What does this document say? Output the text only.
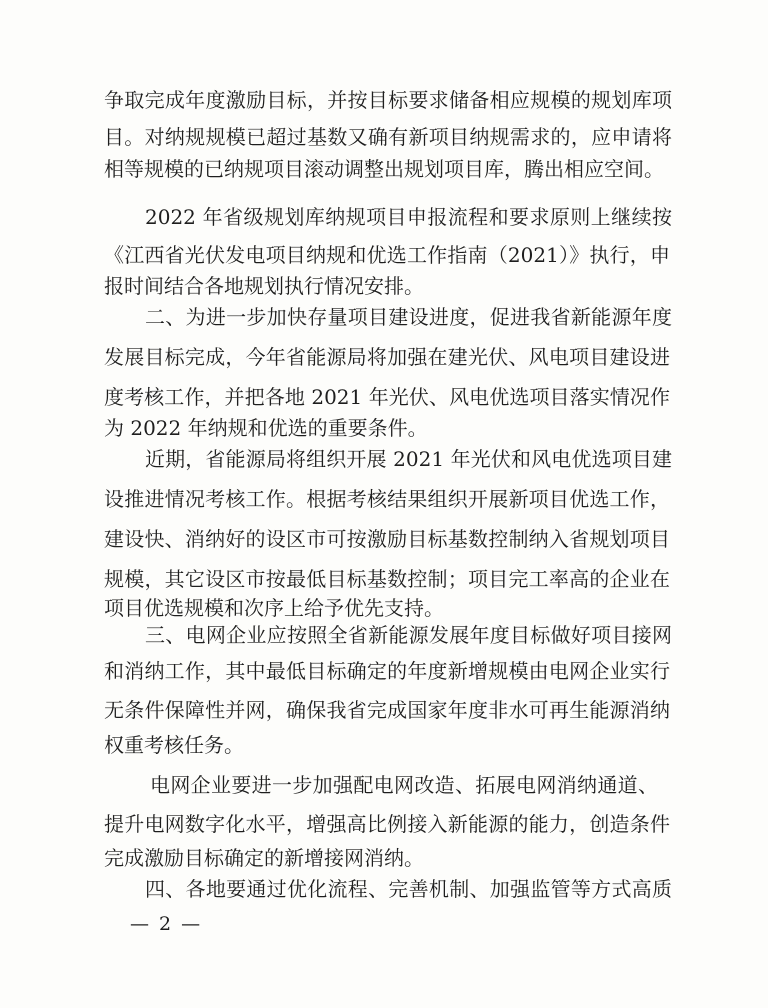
争取完成年度激励目标，并按目标要求储备相应规模的规划库项
目。对纳规规模已超过基数又确有新项目纳规需求的，应申请将
相等规模的已纳规项目滚动调整出规划项目库，腾出相应空间。
2022 年省级规划库纳规项目申报流程和要求原则上继续按
《江西省光伏发电项目纳规和优选工作指南（2021）》执行，申
报时间结合各地规划执行情况安排。
二、为进一步加快存量项目建设进度，促进我省新能源年度
发展目标完成，今年省能源局将加强在建光伏、风电项目建设进
度考核工作，并把各地 2021 年光伏、风电优选项目落实情况作
为 2022 年纳规和优选的重要条件。
近期，省能源局将组织开展 2021 年光伏和风电优选项目建
设推进情况考核工作。根据考核结果组织开展新项目优选工作，
建设快、消纳好的设区市可按激励目标基数控制纳入省规划项目
规模，其它设区市按最低目标基数控制；项目完工率高的企业在
项目优选规模和次序上给予优先支持。
三、电网企业应按照全省新能源发展年度目标做好项目接网
和消纳工作，其中最低目标确定的年度新增规模由电网企业实行
无条件保障性并网，确保我省完成国家年度非水可再生能源消纳
权重考核任务。
电网企业要进一步加强配电网改造、拓展电网消纳通道、
提升电网数字化水平，增强高比例接入新能源的能力，创造条件
完成激励目标确定的新增接网消纳。
四、各地要通过优化流程、完善机制、加强监管等方式高质
— 2 —
